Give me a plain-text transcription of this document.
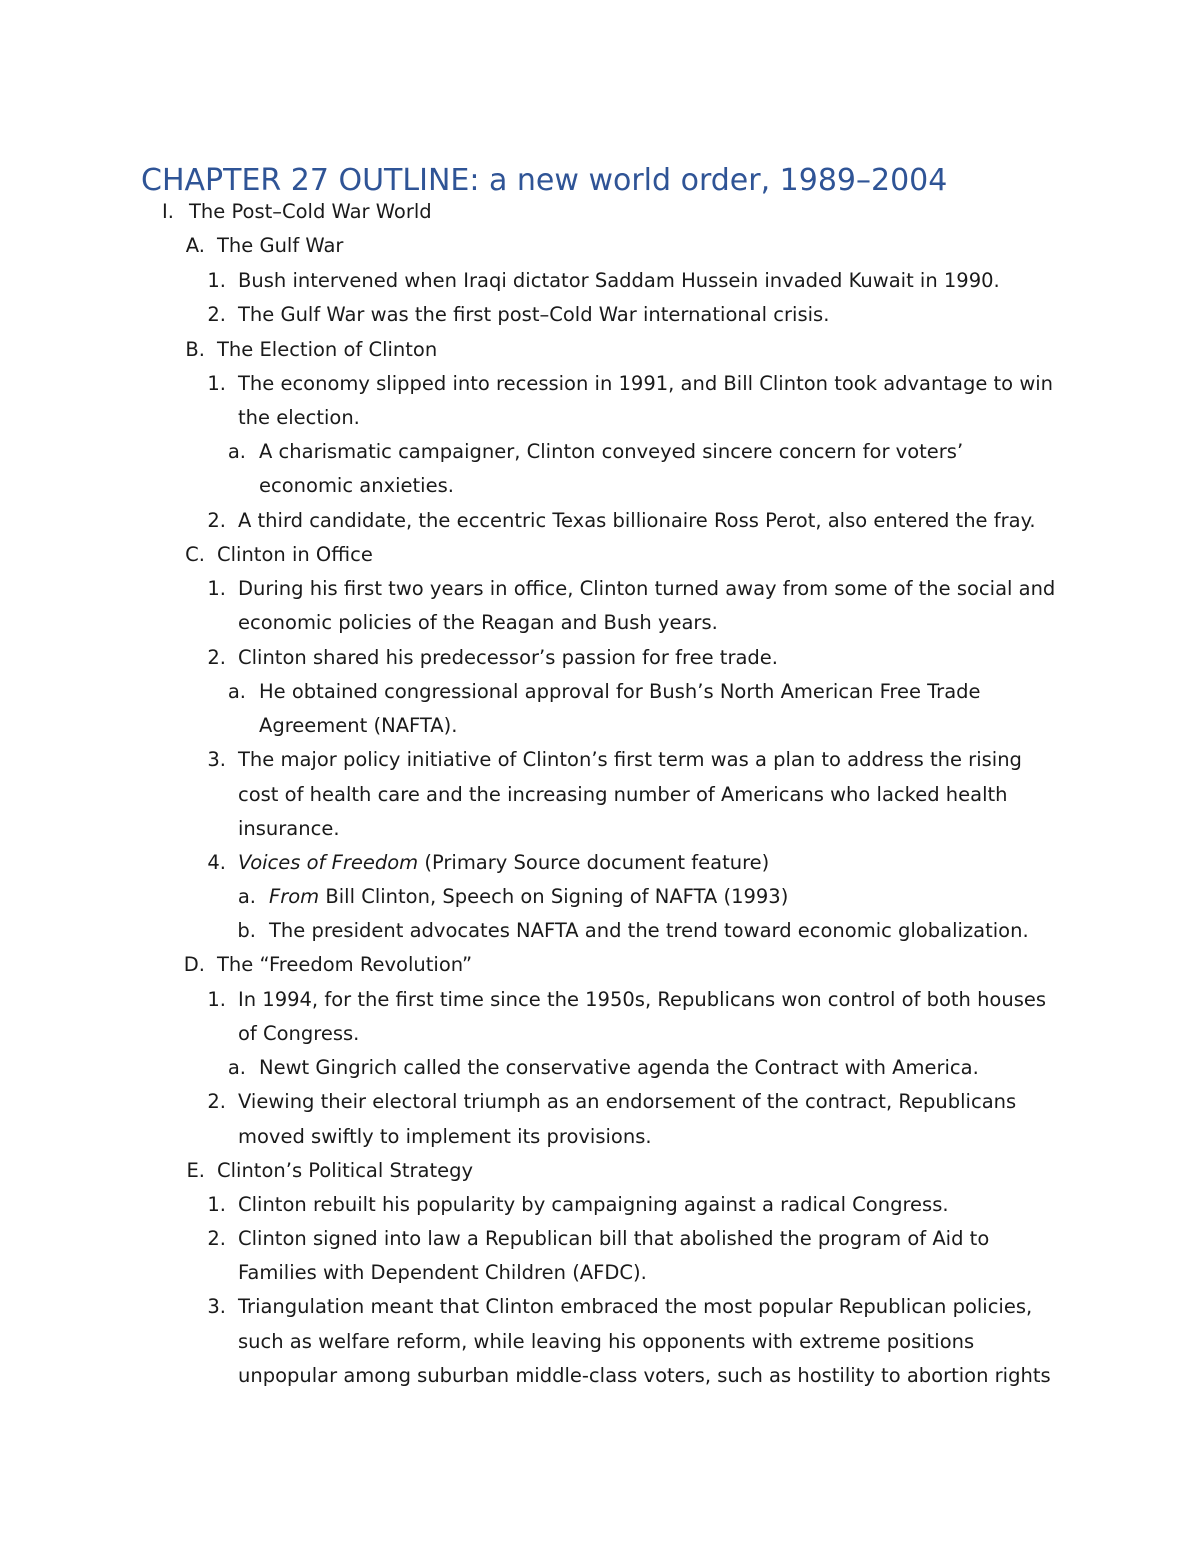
CHAPTER 27 OUTLINE: a new world order, 1989–2004
I. The Post–Cold War World
A. The Gulf War
1. Bush intervened when Iraqi dictator Saddam Hussein invaded Kuwait in 1990.
2. The Gulf War was the first post–Cold War international crisis.
B. The Election of Clinton
1. The economy slipped into recession in 1991, and Bill Clinton took advantage to win
the election.
a. A charismatic campaigner, Clinton conveyed sincere concern for voters’
economic anxieties.
2. A third candidate, the eccentric Texas billionaire Ross Perot, also entered the fray.
C. Clinton in Office
1. During his first two years in office, Clinton turned away from some of the social and
economic policies of the Reagan and Bush years.
2. Clinton shared his predecessor’s passion for free trade.
a. He obtained congressional approval for Bush’s North American Free Trade
Agreement (NAFTA).
3. The major policy initiative of Clinton’s first term was a plan to address the rising
cost of health care and the increasing number of Americans who lacked health
insurance.
4. Voices of Freedom (Primary Source document feature)
a. From Bill Clinton, Speech on Signing of NAFTA (1993)
b. The president advocates NAFTA and the trend toward economic globalization.
D. The “Freedom Revolution”
1. In 1994, for the first time since the 1950s, Republicans won control of both houses
of Congress.
a. Newt Gingrich called the conservative agenda the Contract with America.
2. Viewing their electoral triumph as an endorsement of the contract, Republicans
moved swiftly to implement its provisions.
E. Clinton’s Political Strategy
1. Clinton rebuilt his popularity by campaigning against a radical Congress.
2. Clinton signed into law a Republican bill that abolished the program of Aid to
Families with Dependent Children (AFDC).
3. Triangulation meant that Clinton embraced the most popular Republican policies,
such as welfare reform, while leaving his opponents with extreme positions
unpopular among suburban middle-class voters, such as hostility to abortion rights
